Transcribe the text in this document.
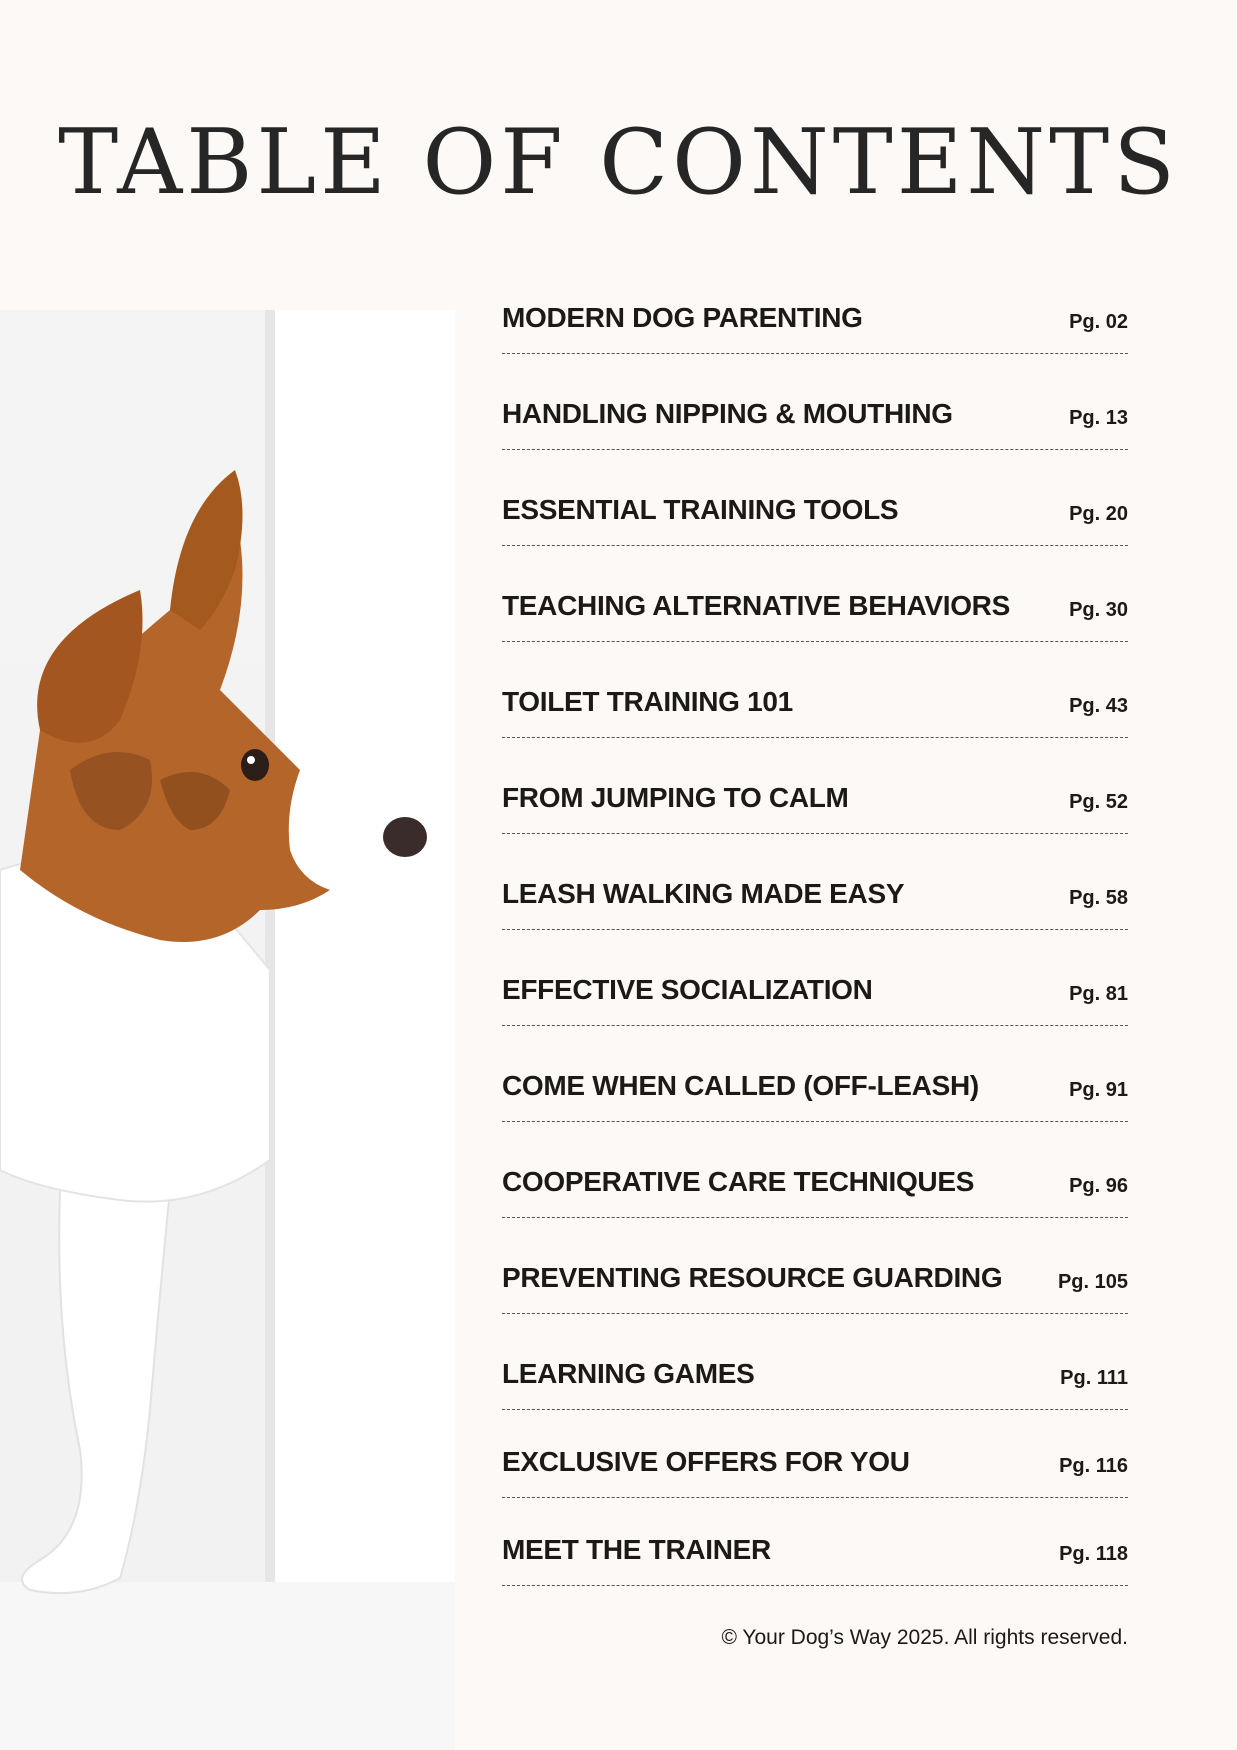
TABLE OF CONTENTS
MODERN DOG PARENTING	Pg. 02
HANDLING NIPPING & MOUTHING	Pg. 13
ESSENTIAL TRAINING TOOLS	Pg. 20
TEACHING ALTERNATIVE BEHAVIORS	Pg. 30
TOILET TRAINING 101	Pg. 43
FROM JUMPING TO CALM	Pg. 52
LEASH WALKING MADE EASY	Pg. 58
EFFECTIVE SOCIALIZATION	Pg. 81
COME WHEN CALLED (OFF-LEASH)	Pg. 91
COOPERATIVE CARE TECHNIQUES	Pg. 96
PREVENTING RESOURCE GUARDING	Pg. 105
LEARNING GAMES	Pg. 111
EXCLUSIVE OFFERS FOR YOU	Pg. 116
MEET THE TRAINER	Pg. 118
© Your Dog’s Way 2025. All rights reserved.
